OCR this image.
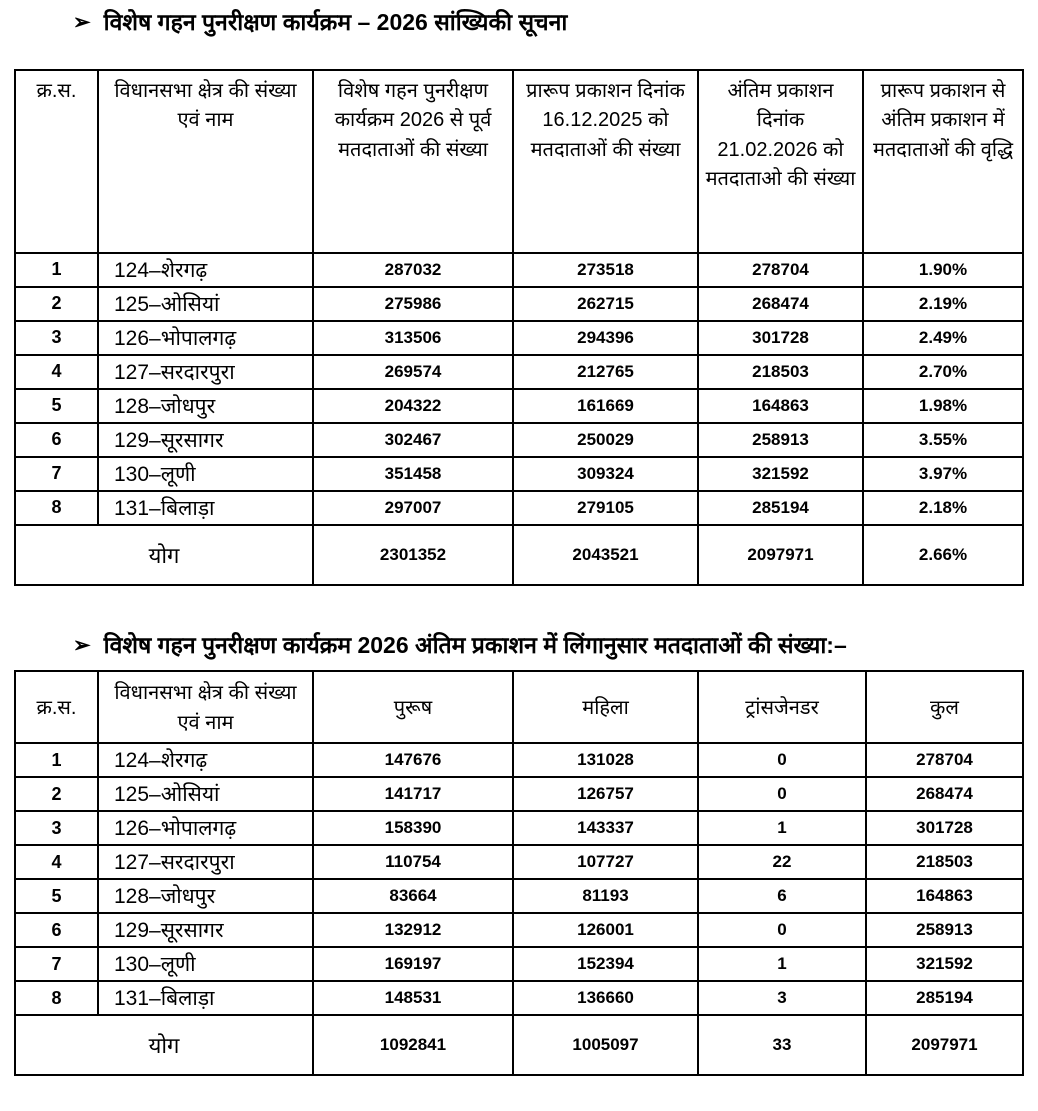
➢ विशेष गहन पुनरीक्षण कार्यक्रम – 2026 सांख्यिकी सूचना
क्र.स.	विधानसभा क्षेत्र की संख्या एवं नाम	विशेष गहन पुनरीक्षण कार्यक्रम 2026 से पूर्व मतदाताओं की संख्या	प्रारूप प्रकाशन दिनांक 16.12.2025 को मतदाताओं की संख्या	अंतिम प्रकाशन दिनांक 21.02.2026 को मतदाताओ की संख्या	प्रारूप प्रकाशन से अंतिम प्रकाशन में मतदाताओं की वृद्धि
1	124–शेरगढ़	287032	273518	278704	1.90%
2	125–ओसियां	275986	262715	268474	2.19%
3	126–भोपालगढ़	313506	294396	301728	2.49%
4	127–सरदारपुरा	269574	212765	218503	2.70%
5	128–जोधपुर	204322	161669	164863	1.98%
6	129–सूरसागर	302467	250029	258913	3.55%
7	130–लूणी	351458	309324	321592	3.97%
8	131–बिलाड़ा	297007	279105	285194	2.18%
योग		2301352	2043521	2097971	2.66%
➢ विशेष गहन पुनरीक्षण कार्यक्रम 2026 अंतिम प्रकाशन में लिंगानुसार मतदाताओं की संख्या:–
क्र.स.	विधानसभा क्षेत्र की संख्या एवं नाम	पुरूष	महिला	ट्रांसजेनडर	कुल
1	124–शेरगढ़	147676	131028	0	278704
2	125–ओसियां	141717	126757	0	268474
3	126–भोपालगढ़	158390	143337	1	301728
4	127–सरदारपुरा	110754	107727	22	218503
5	128–जोधपुर	83664	81193	6	164863
6	129–सूरसागर	132912	126001	0	258913
7	130–लूणी	169197	152394	1	321592
8	131–बिलाड़ा	148531	136660	3	285194
योग		1092841	1005097	33	2097971
